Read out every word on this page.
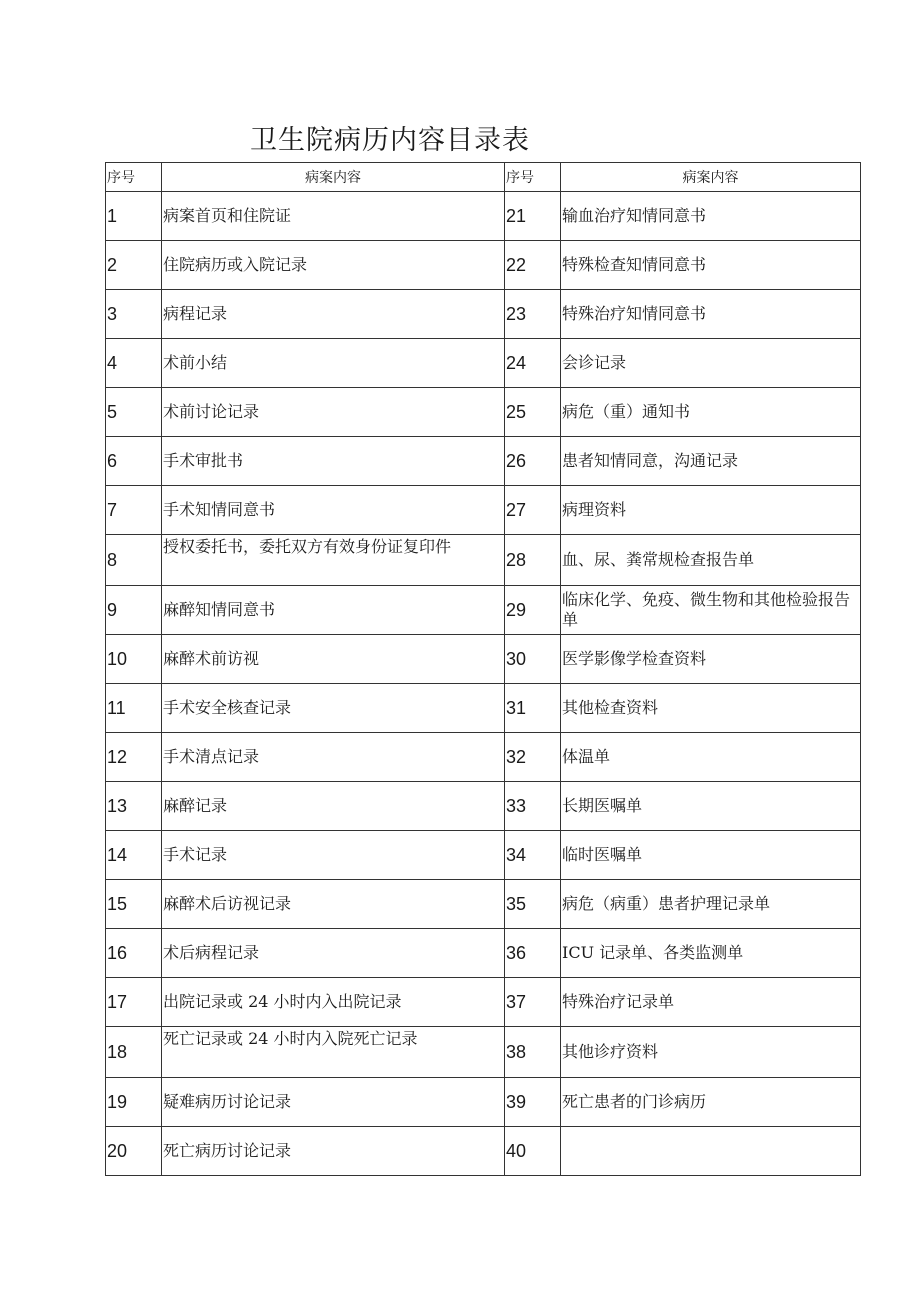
卫生院病历内容目录表
序号	病案内容	序号	病案内容
1	病案首页和住院证	21	输血治疗知情同意书
2	住院病历或入院记录	22	特殊检查知情同意书
3	病程记录	23	特殊治疗知情同意书
4	术前小结	24	会诊记录
5	术前讨论记录	25	病危（重）通知书
6	手术审批书	26	患者知情同意，沟通记录
7	手术知情同意书	27	病理资料
8	授权委托书，委托双方有效身份证复印件	28	血、尿、粪常规检查报告单
9	麻醉知情同意书	29	临床化学、免疫、微生物和其他检验报告单
10	麻醉术前访视	30	医学影像学检查资料
11	手术安全核查记录	31	其他检查资料
12	手术清点记录	32	体温单
13	麻醉记录	33	长期医嘱单
14	手术记录	34	临时医嘱单
15	麻醉术后访视记录	35	病危（病重）患者护理记录单
16	术后病程记录	36	ICU 记录单、各类监测单
17	出院记录或 24 小时内入出院记录	37	特殊治疗记录单
18	死亡记录或 24 小时内入院死亡记录	38	其他诊疗资料
19	疑难病历讨论记录	39	死亡患者的门诊病历
20	死亡病历讨论记录	40	
